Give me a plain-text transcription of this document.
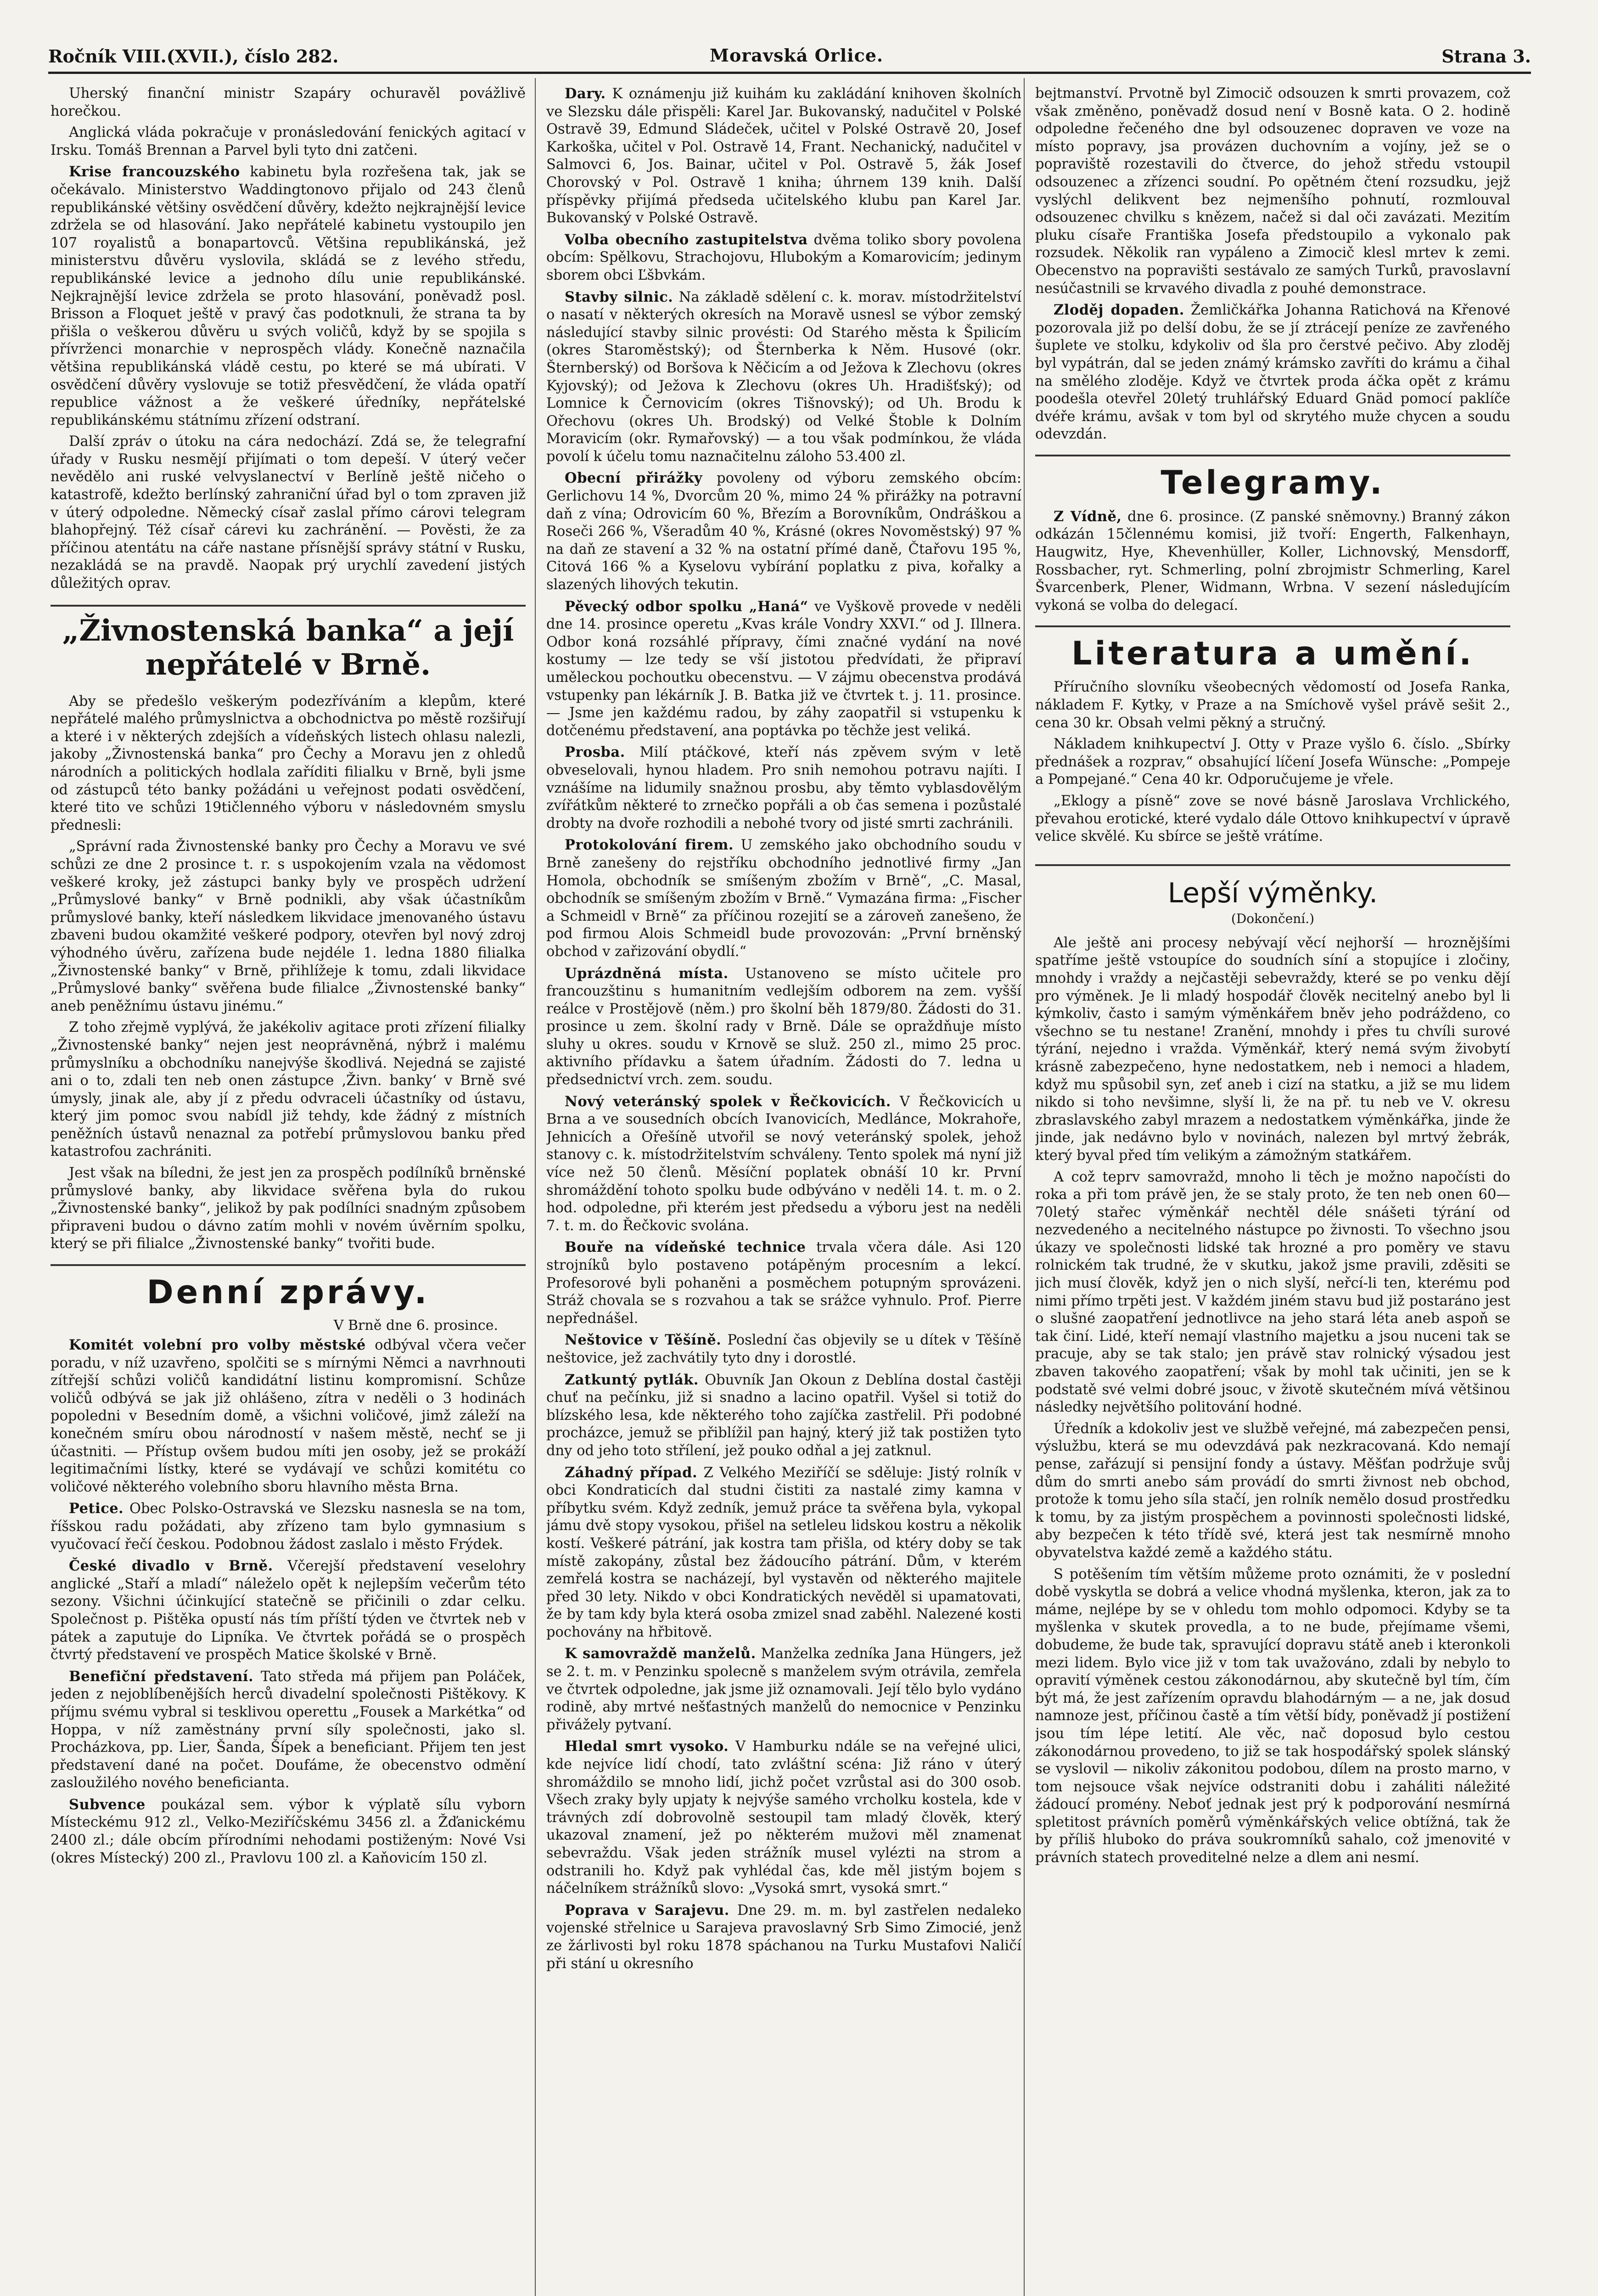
Ročník VIII.(XVII.), číslo 282.	Moravská Orlice.	Strana 3.

Uherský finanční ministr Szapáry ochuravěl povážlivě horečkou.

Anglická vláda pokračuje v pronásledování fenických agitací v Irsku. Tomáš Brennan a Parvel byli tyto dni zatčeni.

Krise francouzského kabinetu byla rozřešena tak, jak se očekávalo. Ministerstvo Waddingtonovo přijalo od 243 členů republikánské většiny osvědčení důvěry, kdežto nejkrajnější levice zdržela se od hlasování. Jako nepřátelé kabinetu vystoupilo jen 107 royalistů a bonapartovců. Většina republikánská, jež ministerstvu důvěru vyslovila, skládá se z levého středu, republikánské levice a jednoho dílu unie republikánské. Nejkrajnější levice zdržela se proto hlasování, poněvadž posl. Brisson a Floquet ještě v pravý čas podotknuli, že strana ta by přišla o veškerou důvěru u svých voličů, když by se spojila s přívrženci monarchie v neprospěch vlády. Konečně naznačila většina republikánská vládě cestu, po které se má ubírati. V osvědčení důvěry vyslovuje se totiž přesvědčení, že vláda opatří republice vážnost a že veškeré úředníky, nepřátelské republikánskému státnímu zřízení odstraní.

Další zpráv o útoku na cára nedochází. Zdá se, že telegrafní úřady v Rusku nesmějí přijímati o tom depeší. V úterý večer nevědělo ani ruské velvyslanectví v Berlíně ještě ničeho o katastrofě, kdežto berlínský zahraniční úřad byl o tom zpraven již v úterý odpoledne. Německý císař zaslal přímo cárovi telegram blahopřejný. Též císař cárevi ku zachránění. — Pověsti, že za příčinou atentátu na cáře nastane přísnější správy státní v Rusku, nezakládá se na pravdě. Naopak prý urychlí zavedení jistých důležitých oprav.

„Živnostenská banka“ a její nepřátelé v Brně.

Aby se předešlo veškerým podezříváním a klepům, které nepřátelé malého průmyslnictva a obchodnictva po městě rozšiřují a které i v některých zdejších a vídeňských listech ohlasu nalezli, jakoby „Živnostenská banka“ pro Čechy a Moravu jen z ohledů národních a politických hodlala zaříditi filialku v Brně, byli jsme od zástupců této banky požádáni u veřejnost podati osvědčení, které tito ve schůzi 19tičlenného výboru v následovném smyslu přednesli:

„Správní rada Živnostenské banky pro Čechy a Moravu ve své schůzi ze dne 2 prosince t. r. s uspokojením vzala na vědomost veškeré kroky, jež zástupci banky byly ve prospěch udržení „Průmyslové banky“ v Brně podnikli, aby však účastníkům průmyslové banky, kteří následkem likvidace jmenovaného ústavu zbaveni budou okamžité veškeré podpory, otevřen byl nový zdroj výhodného úvěru, zařízena bude nejdéle 1. ledna 1880 filialka „Živnostenské banky“ v Brně, přihlížeje k tomu, zdali likvidace „Průmyslové banky“ svěřena bude filialce „Živnostenské banky“ aneb peněžnímu ústavu jinému.“

Z toho zřejmě vyplývá, že jakékoliv agitace proti zřízení filialky „Živnostenské banky“ nejen jest neoprávněná, nýbrž i malému průmyslníku a obchodníku nanejvýše škodlivá. Nejedná se zajisté ani o to, zdali ten neb onen zástupce ‚Živn. banky‘ v Brně své úmysly, jinak ale, aby jí z předu odvraceli účastníky od ústavu, který jim pomoc svou nabídl již tehdy, kde žádný z místních peněžních ústavů nenaznal za potřebí průmyslovou banku před katastrofou zachrániti.

Jest však na bíledni, že jest jen za prospěch podílníků brněnské průmyslové banky, aby likvidace svěřena byla do rukou „Živnostenské banky“, jelikož by pak podílníci snadným způsobem připraveni budou o dávno zatím mohli v novém úvěrním spolku, který se při filialce „Živnostenské banky“ tvořiti bude.

Denní zprávy.
V Brně dne 6. prosince.

Komitét volební pro volby městské odbýval včera večer poradu, v níž uzavřeno, spolčiti se s mírnými Němci a navrhnouti zítřejší schůzi voličů kandidátní listinu kompromisní. Schůze voličů odbývá se jak již ohlášeno, zítra v neděli o 3 hodinách popoledni v Besedním domě, a všichni voličové, jimž záleží na konečném smíru obou národností v našem městě, nechť se ji účastniti. — Přístup ovšem budou míti jen osoby, jež se prokáží legitimačními lístky, které se vydávají ve schůzi komitétu co voličové některého volebního sboru hlavního města Brna.

Petice. Obec Polsko-Ostravská ve Slezsku nasnesla se na tom, říšskou radu požádati, aby zřízeno tam bylo gymnasium s vyučovací řečí českou. Podobnou žádost zaslalo i město Frýdek.

České divadlo v Brně. Včerejší představení veselohry anglické „Staří a mladí“ náleželo opět k nejlepším večerům této sezony. Všichni účinkující statečně se přičinili o zdar celku. Společnost p. Pištěka opustí nás tím příští týden ve čtvrtek neb v pátek a zaputuje do Lipníka. Ve čtvrtek pořádá se o prospěch čtvrtý představení ve prospěch Matice školské v Brně.

Benefiční představení. Tato středa má přijem pan Poláček, jeden z nejoblíbenějších herců divadelní společnosti Pištěkovy. K příjmu svému vybral si tesklivou operettu „Fousek a Markétka“ od Hoppa, v níž zaměstnány první síly společnosti, jako sl. Procházkova, pp. Lier, Šanda, Šípek a beneficiant. Přijem ten jest představení dané na počet. Doufáme, že obecenstvo odmění zasloužilého nového beneficianta.

Subvence poukázal sem. výbor k výplatě sílu vyborn Místeckému 912 zl., Velko-Meziříčskému 3456 zl. a Žďanickému 2400 zl.; dále obcím přírodními nehodami postiženým: Nové Vsi (okres Místecký) 200 zl., Pravlovu 100 zl. a Kaňovicím 150 zl.

Dary. K oznámenju již kuihám ku zakládání knihoven školních ve Slezsku dále přispěli: Karel Jar. Bukovanský, nadučitel v Polské Ostravě 39, Edmund Sládeček, učitel v Polské Ostravě 20, Josef Karkoška, učitel v Pol. Ostravě 14, Frant. Nechanický, nadučitel v Salmovci 6, Jos. Bainar, učitel v Pol. Ostravě 5, žák Josef Chorovský v Pol. Ostravě 1 kniha; úhrnem 139 knih. Další příspěvky přijímá předseda učitelského klubu pan Karel Jar. Bukovanský v Polské Ostravě.

Volba obecního zastupitelstva dvěma toliko sbory povolena obcím: Spělkovu, Strachojovu, Hlubokým a Komarovicím; jedinym sborem obci Ľšbvkám.

Stavby silnic. Na základě sdělení c. k. morav. místodržitelství o nasatí v některých okresích na Moravě usnesl se výbor zemský následující stavby silnic provésti: Od Starého města k Špilicím (okres Staroměstský); od Šternberka k Něm. Husové (okr. Šternberský) od Boršova k Něčicím a od Ježova k Zlechovu (okres Kyjovský); od Ježova k Zlechovu (okres Uh. Hradišťský); od Lomnice k Černovicím (okres Tišnovský); od Uh. Brodu k Ořechovu (okres Uh. Brodský) od Velké Štoble k Dolním Moravicím (okr. Rymařovský) — a tou však podmínkou, že vláda povolí k účelu tomu naznačitelnu záloho 53.400 zl.

Obecní přirážky povoleny od výboru zemského obcím: Gerlichovu 14 %, Dvorcům 20 %, mimo 24 % přirážky na potravní daň z vína; Odrovicím 60 %, Březím a Borovníkům, Ondráškou a Roseči 266 %, Všeradům 40 %, Krásné (okres Novoměstský) 97 % na daň ze stavení a 32 % na ostatní přímé daně, Čtařovu 195 %, Citová 166 % a Kyselovu vybírání poplatku z piva, kořalky a slazených lihových tekutin.

Pěvecký odbor spolku „Haná“ ve Vyškově provede v neděli dne 14. prosince operetu „Kvas krále Vondry XXVI.“ od J. Illnera. Odbor koná rozsáhlé přípravy, čími značné vydání na nové kostumy — lze tedy se vší jistotou předvídati, že připraví uměleckou pochoutku obecenstvu. — V zájmu obecenstva prodává vstupenky pan lékárník J. B. Batka již ve čtvrtek t. j. 11. prosince. — Jsme jen každému radou, by záhy zaopatřil si vstupenku k dotčenému představení, ana poptávka po těchže jest veliká.

Prosba. Milí ptáčkové, kteří nás zpěvem svým v letě obveselovali, hynou hladem. Pro snih nemohou potravu najíti. I vznášíme na lidumily snažnou prosbu, aby těmto vyblasdovělým zvířátkům některé to zrnečko popřáli a ob čas semena i pozůstalé drobty na dvoře rozhodili a nebohé tvory od jisté smrti zachránili.

Protokolování firem. U zemského jako obchodního soudu v Brně zanešeny do rejstříku obchodního jednotlivé firmy „Jan Homola, obchodník se smíšeným zbožím v Brně“, „C. Masal, obchodník se smíšeným zbožím v Brně.“ Vymazána firma: „Fischer a Schmeidl v Brně“ za příčinou rozejití se a zároveň zanešeno, že pod firmou Alois Schmeidl bude provozován: „První brněnský obchod v zařizování obydlí.“

Uprázdněná místa. Ustanoveno se místo učitele pro francouzštinu s humanitním vedlejším odborem na zem. vyšší reálce v Prostějově (něm.) pro školní běh 1879/80. Žádosti do 31. prosince u zem. školní rady v Brně. Dále se opraždňuje místo sluhy u okres. soudu v Krnově se služ. 250 zl., mimo 25 proc. aktivního přídavku a šatem úřadním. Žádosti do 7. ledna u předsednictví vrch. zem. soudu.

Nový veteránský spolek v Řečkovicích. V Řečkovicích u Brna a ve sousedních obcích Ivanovicích, Medlánce, Mokrahoře, Jehnicích a Ořešíně utvořil se nový veteránský spolek, jehož stanovy c. k. místodržitelstvím schváleny. Tento spolek má nyní již více než 50 členů. Měsíční poplatek obnáší 10 kr. První shromáždění tohoto spolku bude odbýváno v neděli 14. t. m. o 2. hod. odpoledne, při kterém jest předsedu a výboru jest na neděli 7. t. m. do Řečkovic svolána.

Bouře na vídeňské technice trvala včera dále. Asi 120 strojníků bylo postaveno potápěným procesním a lekcí. Profesorové byli pohaněni a posměchem potupným sprovázeni. Stráž chovala se s rozvahou a tak se srážce vyhnulo. Prof. Pierre nepřednášel.

Neštovice v Těšíně. Poslední čas objevily se u dítek v Těšíně neštovice, jež zachvátily tyto dny i dorostlé.

Zatkuntý pytlák. Obuvník Jan Okoun z Deblína dostal častěji chuť na pečínku, již si snadno a lacino opatřil. Vyšel si totiž do blízského lesa, kde některého toho zajíčka zastřelil. Při podobné procházce, jemuž se přiblížil pan hajný, který již tak postižen tyto dny od jeho toto střílení, jež pouko odňal a jej zatknul.

Záhadný případ. Z Velkého Meziříčí se sděluje: Jistý rolník v obci Kondraticích dal studni čistiti za nastalé zimy kamna v příbytku svém. Když zedník, jemuž práce ta svěřena byla, vykopal jámu dvě stopy vysokou, přišel na setleleu lidskou kostru a několik kostí. Veškeré pátrání, jak kostra tam přišla, od ktéry doby se tak místě zakopány, zůstal bez žádoucího pátrání. Dům, v kterém zemřelá kostra se nacházejí, byl vystavěn od některého majitele před 30 lety. Nikdo v obci Kondratických nevěděl si upamatovati, že by tam kdy byla která osoba zmizel snad zaběhl. Nalezené kosti pochovány na hřbitově.

K samovraždě manželů. Manželka zedníka Jana Hüngers, jež se 2. t. m. v Penzinku spolecně s manželem svým otrávila, zemřela ve čtvrtek odpoledne, jak jsme již oznamovali. Její tělo bylo vydáno rodině, aby mrtvé nešťastných manželů do nemocnice v Penzinku přivážely pytvaní.

Hledal smrt vysoko. V Hamburku ndále se na veřejné ulici, kde nejvíce lidí chodí, tato zvláštní scéna: Již ráno v úterý shromáždilo se mnoho lidí, jichž počet vzrůstal asi do 300 osob. Všech zraky byly upjaty k nejvýše samého vrcholku kostela, kde v trávných zdí dobrovolně sestoupil tam mladý člověk, který ukazoval znamení, jež po některém mužovi měl znamenat sebevraždu. Však jeden strážník musel vylézti na strom a odstranili ho. Když pak vyhlédal čas, kde měl jistým bojem s náčelníkem strážníků slovo: „Vysoká smrt, vysoká smrt.“

Poprava v Sarajevu. Dne 29. m. m. byl zastřelen nedaleko vojenské střelnice u Sarajeva pravoslavný Srb Simo Zimocié, jenž ze žárlivosti byl roku 1878 spáchanou na Turku Mustafovi Naličí při stání u okresního

bejtmanství. Prvotně byl Zimocič odsouzen k smrti provazem, což však změněno, poněvadž dosud není v Bosně kata. O 2. hodině odpoledne řečeného dne byl odsouzenec dopraven ve voze na místo popravy, jsa provázen duchovním a vojíny, jež se o popraviště rozestavili do čtverce, do jehož středu vstoupil odsouzenec a zřízenci soudní. Po opětném čtení rozsudku, jejž vyslýchl delikvent bez nejmenšího pohnutí, rozmlouval odsouzenec chvilku s knězem, načež si dal oči zavázati. Mezitím pluku císaře Františka Josefa předstoupilo a vykonalo pak rozsudek. Několik ran vypáleno a Zimocič klesl mrtev k zemi. Obecenstvo na popravišti sestávalo ze samých Turků, pravoslavní nesúčastnili se krvavého divadla z pouhé demonstrace.

Zloděj dopaden. Žemličkářka Johanna Ratichová na Křenové pozorovala již po delší dobu, že se jí ztrácejí peníze ze zavřeného šuplete ve stolku, kdykoliv od šla pro čerstvé pečivo. Aby zloděj byl vypátrán, dal se jeden známý krámsko zavříti do krámu a čihal na smělého zloděje. Když ve čtvrtek proda áčka opět z krámu poodešla otevřel 20letý truhlářský Eduard Gnäd pomocí paklíče dvéře krámu, avšak v tom byl od skrytého muže chycen a soudu odevzdán.

Telegramy.

Z Vídně, dne 6. prosince. (Z panské sněmovny.) Branný zákon odkázán 15člennému komisi, již tvoří: Engerth, Falkenhayn, Haugwitz, Hye, Khevenhüller, Koller, Lichnovský, Mensdorff, Rossbacher, ryt. Schmerling, polní zbrojmistr Schmerling, Karel Švarcenberk, Plener, Widmann, Wrbna. V sezení následujícím vykoná se volba do delegací.

Literatura a umění.

Příručního slovníku všeobecných vědomostí od Josefa Ranka, nákladem F. Kytky, v Praze a na Smíchově vyšel právě sešit 2., cena 30 kr. Obsah velmi pěkný a stručný.

Nákladem knihkupectví J. Otty v Praze vyšlo 6. číslo. „Sbírky přednášek a rozprav,“ obsahující líčení Josefa Wünsche: „Pompeje a Pompejané.“ Cena 40 kr. Odporučujeme je vřele.

„Eklogy a písně“ zove se nové básně Jaroslava Vrchlického, převahou erotické, které vydalo dále Ottovo knihkupectví v úpravě velice skvělé. Ku sbírce se ještě vrátíme.

Lepší výměnky.
(Dokončení.)

Ale ještě ani procesy nebývají věcí nejhorší — hroznějšími spatříme ještě vstoupíce do soudních síní a stopujíce i zločiny, mnohdy i vraždy a nejčastěji sebevraždy, které se po venku dějí pro výměnek. Je li mladý hospodář člověk necitelný anebo byl li kýmkoliv, často i samým výměnkářem bněv jeho podráždeno, co všechno se tu nestane! Zranění, mnohdy i přes tu chvíli surové týrání, nejedno i vražda. Výměnkář, který nemá svým živobytí krásně zabezpečeno, hyne nedostatkem, neb i nemoci a hladem, když mu spůsobil syn, zeť aneb i cizí na statku, a již se mu lidem nikdo si toho nevšimne, slyší li, že na př. tu neb ve V. okresu zbraslavského zabyl mrazem a nedostatkem výměnkářka, jinde že jinde, jak nedávno bylo v novinách, nalezen byl mrtvý žebrák, který byval před tím velikým a zámožným statkářem.

A což teprv samovražd, mnoho li těch je možno napočísti do roka a při tom právě jen, že se staly proto, že ten neb onen 60—70letý stařec výměnkář nechtěl déle snášeti týrání od nezvedeného a necitelného nástupce po živnosti. To všechno jsou úkazy ve společnosti lidské tak hrozné a pro poměry ve stavu rolnickém tak trudné, že v skutku, jakož jsme pravili, zděsiti se jich musí člověk, když jen o nich slyší, neřcí-li ten, kterému pod nimi přímo trpěti jest. V každém jiném stavu bud již postaráno jest o slušné zaopatření jednotlivce na jeho stará léta aneb aspoň se tak činí. Lidé, kteří nemají vlastního majetku a jsou nuceni tak se pracuje, aby se tak stalo; jen právě stav rolnický výsadou jest zbaven takového zaopatření; však by mohl tak učiniti, jen se k podstatě své velmi dobré jsouc, v životě skutečném mívá většinou následky největšího politování hodné.

Úředník a kdokoliv jest ve službě veřejné, má zabezpečen pensi, výslužbu, která se mu odevzdává pak nezkracovaná. Kdo nemají pense, zařázují si pensijní fondy a ústavy. Měšťan podržuje svůj dům do smrti anebo sám provádí do smrti živnost neb obchod, protože k tomu jeho síla stačí, jen rolník nemělo dosud prostředku k tomu, by za jistým prospěchem a povinnosti společnosti lidské, aby bezpečen k této třídě své, která jest tak nesmírně mnoho obyvatelstva každé země a každého státu.

S potěšením tím větším můžeme proto oznámiti, že v poslední době vyskytla se dobrá a velice vhodná myšlenka, kteron, jak za to máme, nejlépe by se v ohledu tom mohlo odpomoci. Kdyby se ta myšlenka v skutek provedla, a to ne bude, přejímame všemi, dobudeme, že bude tak, spravující dopravu státě aneb i kteronkoli mezi lidem. Bylo vice již v tom tak uvažováno, zdali by nebylo to opravití výměnek cestou zákonodárnou, aby skutečně byl tím, čím být má, že jest zařízením opravdu blahodárným — a ne, jak dosud namnoze jest, příčinou častě a tím větší bídy, poněvadž jí postižení jsou tím lépe letití. Ale věc, nač doposud bylo cestou zákonodárnou provedeno, to již se tak hospodářský spolek slánský se vyslovil — nikoliv zákonitou podobou, dílem na prosto marno, v tom nejsouce však nejvíce odstraniti dobu i zaháliti náležité žádoucí promény. Neboť jednak jest prý k podporování nesmírná spletitost právních poměrů výměnkářských velice obtížná, tak že by příliš hluboko do práva soukromníků sahalo, což jmenovité v právních statech proveditelné nelze a dlem ani nesmí.
